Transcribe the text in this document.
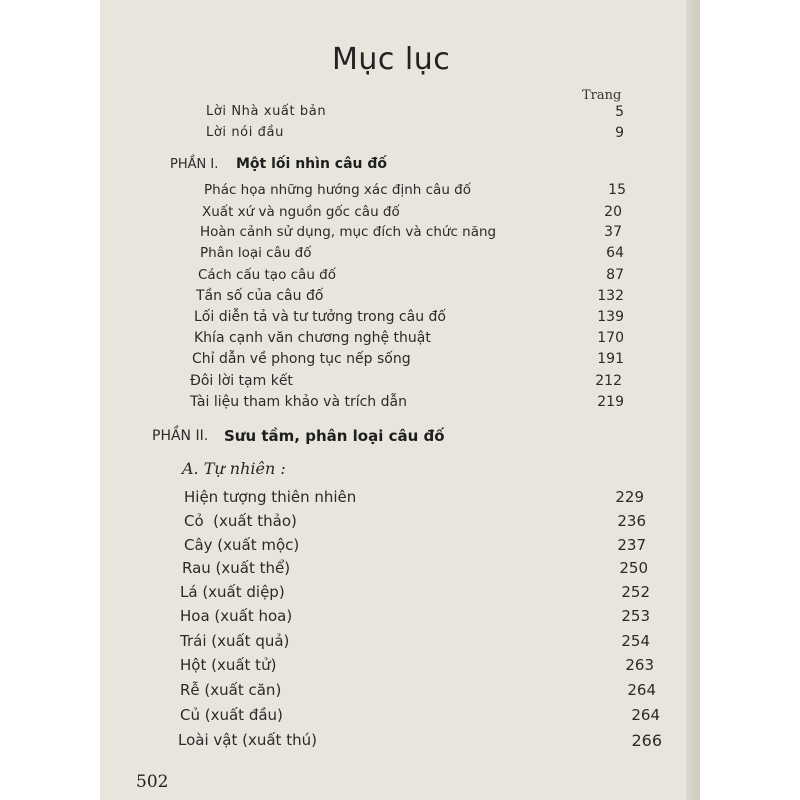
Mục lục
Trang
Lời Nhà xuất bản	5
Lời nói đầu	9
PHẦN I. Một lối nhìn câu đố
Phác họa những hướng xác định câu đố	15
Xuất xứ và nguồn gốc câu đố	20
Hoàn cảnh sử dụng, mục đích và chức năng	37
Phân loại câu đố	64
Cách cấu tạo câu đố	87
Tần số của câu đố	132
Lối diễn tả và tư tưởng trong câu đố	139
Khía cạnh văn chương nghệ thuật	170
Chỉ dẫn về phong tục nếp sống	191
Đôi lời tạm kết	212
Tài liệu tham khảo và trích dẫn	219
PHẦN II. Sưu tầm, phân loại câu đố
A. Tự nhiên :
Hiện tượng thiên nhiên	229
Cỏ  (xuất thảo)	236
Cây (xuất mộc)	237
Rau (xuất thể)	250
Lá (xuất diệp)	252
Hoa (xuất hoa)	253
Trái (xuất quả)	254
Hột (xuất tử)	263
Rễ (xuất căn)	264
Củ (xuất đầu)	264
Loài vật (xuất thú)	266
502
